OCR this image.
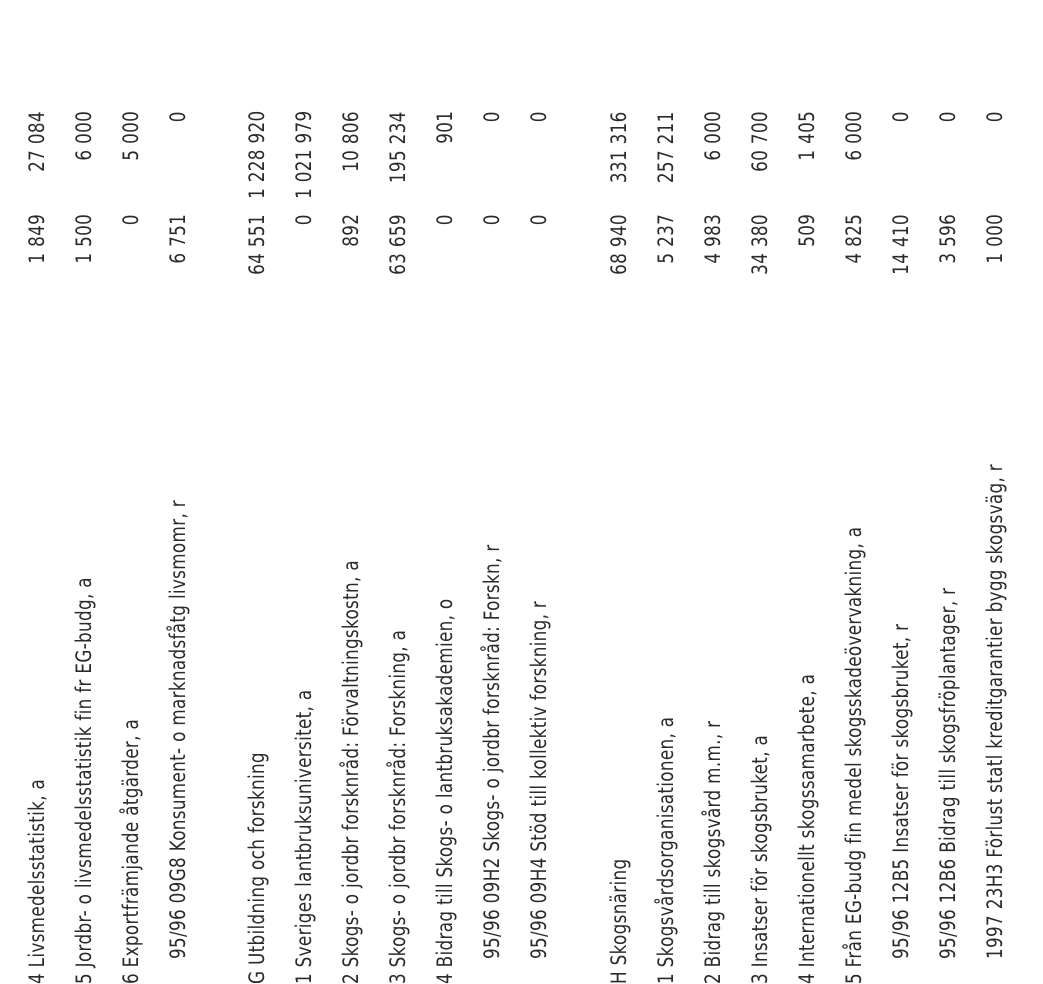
4 Livsmedelsstatistik, a
1 849
27 084
5 Jordbr- o livsmedelsstatistik fin fr EG-budg, a
1 500
6 000
6 Exportfrämjande åtgärder, a
0
5 000
95/96 09G8 Konsument- o marknadsfåtg livsmomr, r
6 751
0
G Utbildning och forskning
64 551
1 228 920
1 Sveriges lantbruksuniversitet, a
0
1 021 979
2 Skogs- o jordbr forsknråd: Förvaltningskostn, a
892
10 806
3 Skogs- o jordbr forsknråd: Forskning, a
63 659
195 234
4 Bidrag till Skogs- o lantbruksakademien, o
0
901
95/96 09H2 Skogs- o jordbr forsknråd: Forskn, r
0
0
95/96 09H4 Stöd till kollektiv forskning, r
0
0
H Skogsnäring
68 940
331 316
1 Skogsvårdsorganisationen, a
5 237
257 211
2 Bidrag till skogsvård m.m., r
4 983
6 000
3 Insatser för skogsbruket, a
34 380
60 700
4 Internationellt skogssamarbete, a
509
1 405
5 Från EG-budg fin medel skogsskadeövervakning, a
4 825
6 000
95/96 12B5 Insatser för skogsbruket, r
14 410
0
95/96 12B6 Bidrag till skogsfröplantager, r
3 596
0
1997 23H3 Förlust statl kreditgarantier bygg skogsväg, r
1 000
0
